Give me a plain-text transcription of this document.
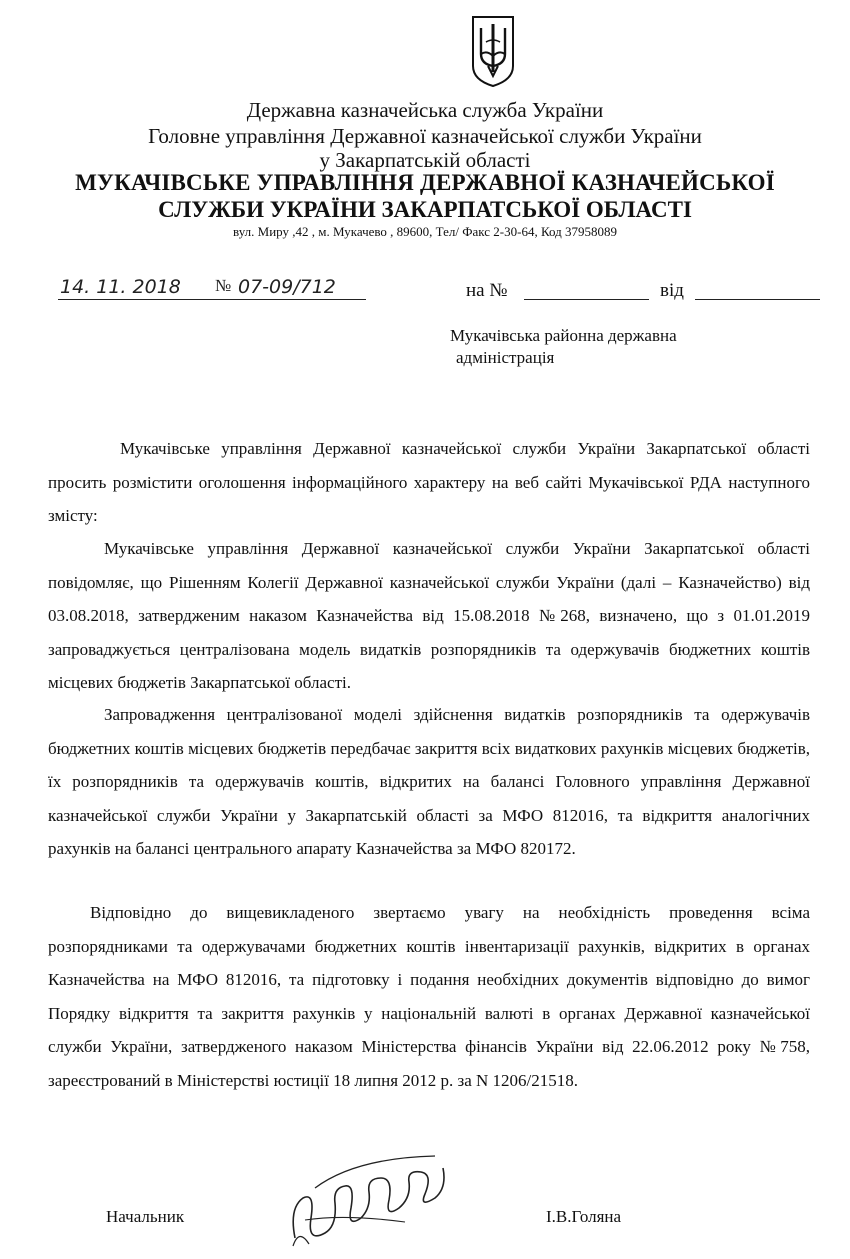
Державна казначейська служба України
Головне управління Державної казначейської служби України
у Закарпатській області
МУКАЧІВСЬКЕ УПРАВЛІННЯ ДЕРЖАВНОЇ КАЗНАЧЕЙСЬКОЇ
СЛУЖБИ УКРАЇНИ ЗАКАРПАТСЬКОЇ ОБЛАСТІ
вул. Миру ,42 , м. Мукачево , 89600, Тел/ Факс 2-30-64, Код 37958089
14. 11. 2018 № 07-09/712	на №	від
Мукачівська районна державна
адміністрація

Мукачівське управління Державної казначейської служби України Закарпатської області просить розмістити оголошення інформаційного характеру на веб сайті Мукачівської РДА наступного змісту:

Мукачівське управління Державної казначейської служби України Закарпатської області повідомляє, що Рішенням Колегії Державної казначейської служби України (далі – Казначейство) від 03.08.2018, затвердженим наказом Казначейства від 15.08.2018 №268, визначено, що з 01.01.2019 запроваджується централізована модель видатків розпорядників та одержувачів бюджетних коштів місцевих бюджетів Закарпатської області.

Запровадження централізованої моделі здійснення видатків розпорядників та одержувачів бюджетних коштів місцевих бюджетів передбачає закриття всіх видаткових рахунків місцевих бюджетів, їх розпорядників та одержувачів коштів, відкритих на балансі Головного управління Державної казначейської служби України у Закарпатській області за МФО 812016, та відкриття аналогічних рахунків на балансі центрального апарату Казначейства за МФО 820172.

Відповідно до вищевикладеного звертаємо увагу на необхідність проведення всіма розпорядниками та одержувачами бюджетних коштів інвентаризації рахунків, відкритих в органах Казначейства на МФО 812016, та підготовку і подання необхідних документів відповідно до вимог Порядку відкриття та закриття рахунків у національній валюті в органах Державної казначейської служби України, затвердженого наказом Міністерства фінансів України від 22.06.2012 року №758, зареєстрований в Міністерстві юстиції 18 липня 2012 р. за N 1206/21518.

Начальник	І.В.Голяна
